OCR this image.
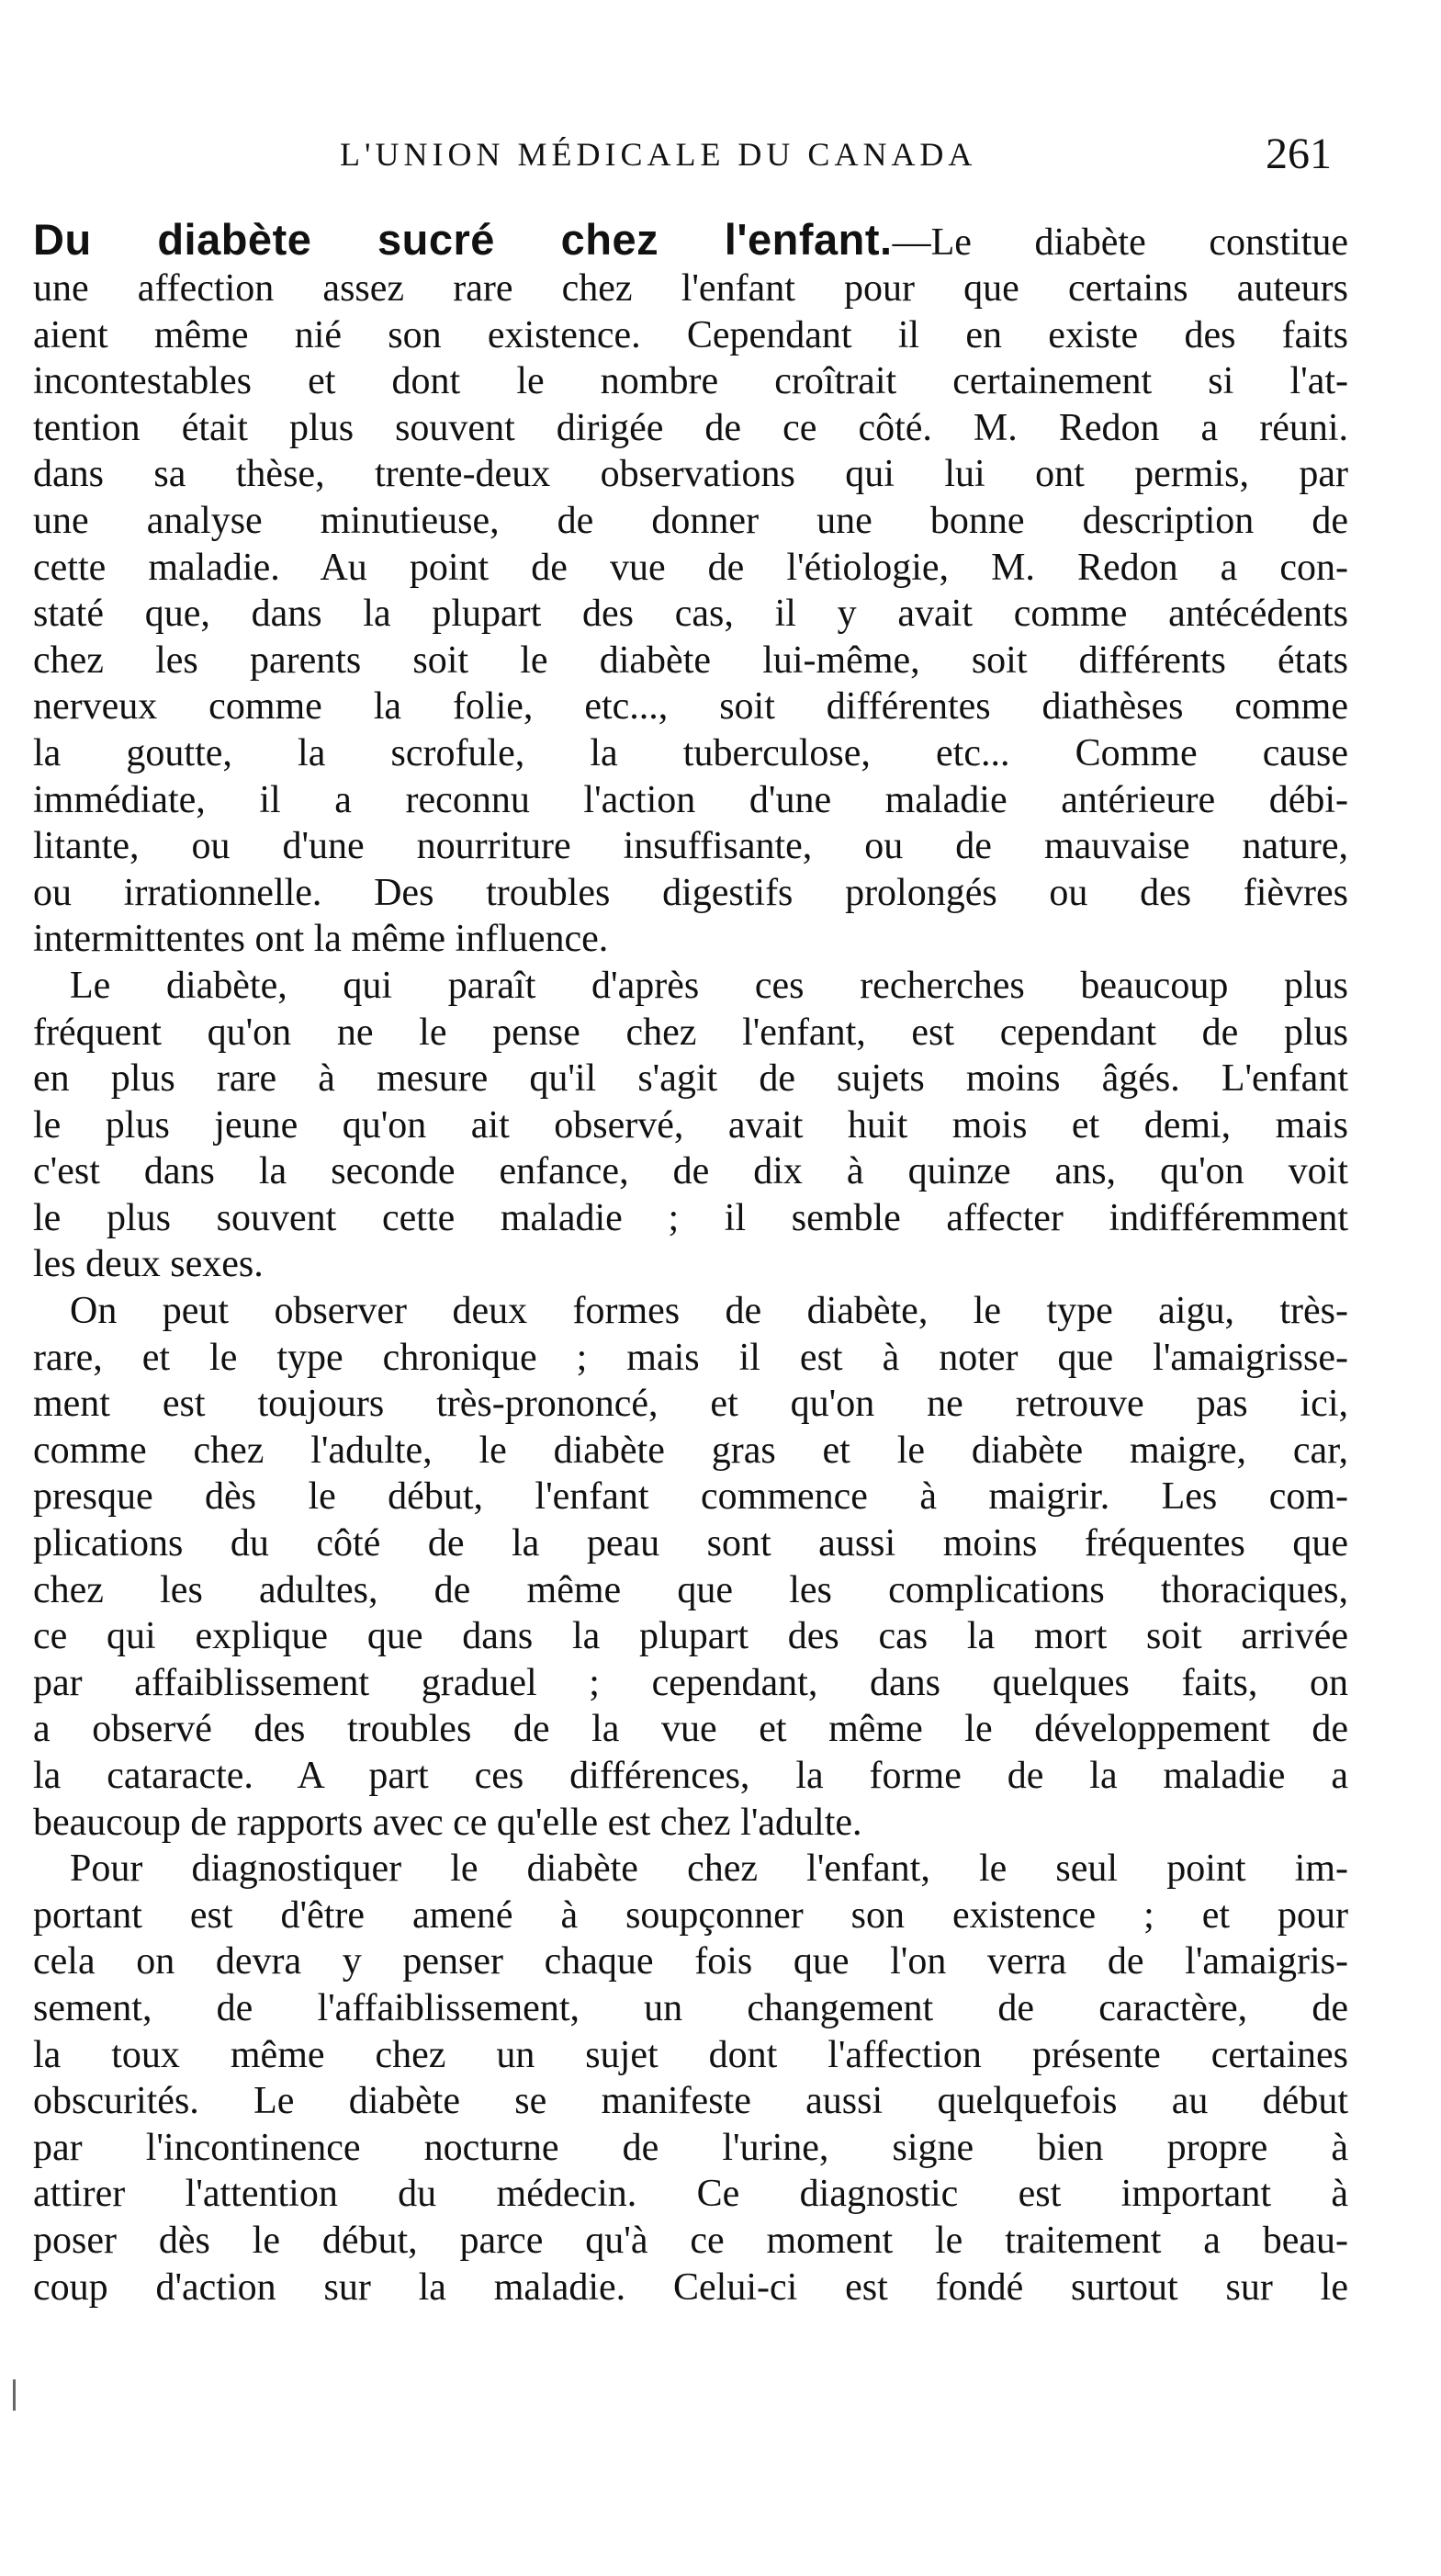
L'UNION MÉDICALE DU CANADA	261
Du diabète sucré chez l'enfant.—Le diabète constitue
une affection assez rare chez l'enfant pour que certains auteurs
aient même nié son existence. Cependant il en existe des faits
incontestables et dont le nombre croîtrait certainement si l'at-
tention était plus souvent dirigée de ce côté. M. Redon a réuni.
dans sa thèse, trente-deux observations qui lui ont permis, par
une analyse minutieuse, de donner une bonne description de
cette maladie. Au point de vue de l'étiologie, M. Redon a con-
staté que, dans la plupart des cas, il y avait comme antécédents
chez les parents soit le diabète lui-même, soit différents états
nerveux comme la folie, etc..., soit différentes diathèses comme
la goutte, la scrofule, la tuberculose, etc... Comme cause
immédiate, il a reconnu l'action d'une maladie antérieure débi-
litante, ou d'une nourriture insuffisante, ou de mauvaise nature,
ou irrationnelle. Des troubles digestifs prolongés ou des fièvres
intermittentes ont la même influence.
Le diabète, qui paraît d'après ces recherches beaucoup plus
fréquent qu'on ne le pense chez l'enfant, est cependant de plus
en plus rare à mesure qu'il s'agit de sujets moins âgés. L'enfant
le plus jeune qu'on ait observé, avait huit mois et demi, mais
c'est dans la seconde enfance, de dix à quinze ans, qu'on voit
le plus souvent cette maladie ; il semble affecter indifféremment
les deux sexes.
On peut observer deux formes de diabète, le type aigu, très-
rare, et le type chronique ; mais il est à noter que l'amaigrisse-
ment est toujours très-prononcé, et qu'on ne retrouve pas ici,
comme chez l'adulte, le diabète gras et le diabète maigre, car,
presque dès le début, l'enfant commence à maigrir. Les com-
plications du côté de la peau sont aussi moins fréquentes que
chez les adultes, de même que les complications thoraciques,
ce qui explique que dans la plupart des cas la mort soit arrivée
par affaiblissement graduel ; cependant, dans quelques faits, on
a observé des troubles de la vue et même le développement de
la cataracte. A part ces différences, la forme de la maladie a
beaucoup de rapports avec ce qu'elle est chez l'adulte.
Pour diagnostiquer le diabète chez l'enfant, le seul point im-
portant est d'être amené à soupçonner son existence ; et pour
cela on devra y penser chaque fois que l'on verra de l'amaigris-
sement, de l'affaiblissement, un changement de caractère, de
la toux même chez un sujet dont l'affection présente certaines
obscurités. Le diabète se manifeste aussi quelquefois au début
par l'incontinence nocturne de l'urine, signe bien propre à
attirer l'attention du médecin. Ce diagnostic est important à
poser dès le début, parce qu'à ce moment le traitement a beau-
coup d'action sur la maladie. Celui-ci est fondé surtout sur le
